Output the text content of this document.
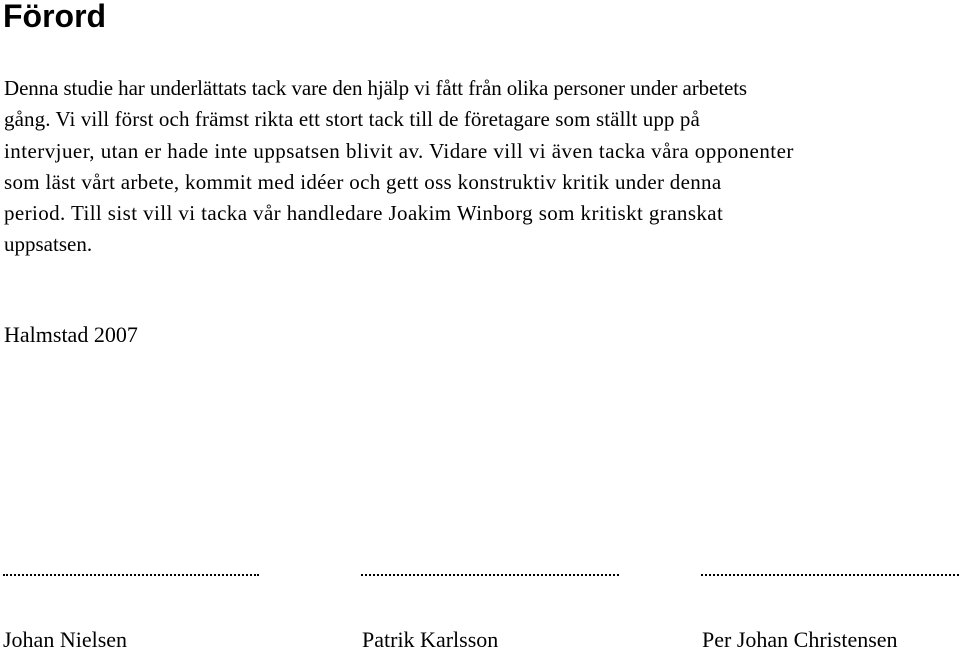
Förord

Denna studie har underlättats tack vare den hjälp vi fått från olika personer under arbetets

gång. Vi vill först och främst rikta ett stort tack till de företagare som ställt upp på

intervjuer, utan er hade inte uppsatsen blivit av. Vidare vill vi även tacka våra opponenter

som läst vårt arbete, kommit med idéer och gett oss konstruktiv kritik under denna

period. Till sist vill vi tacka vår handledare Joakim Winborg som kritiskt granskat

uppsatsen.

Halmstad 2007

Johan Nielsen	Patrik Karlsson	Per Johan Christensen
